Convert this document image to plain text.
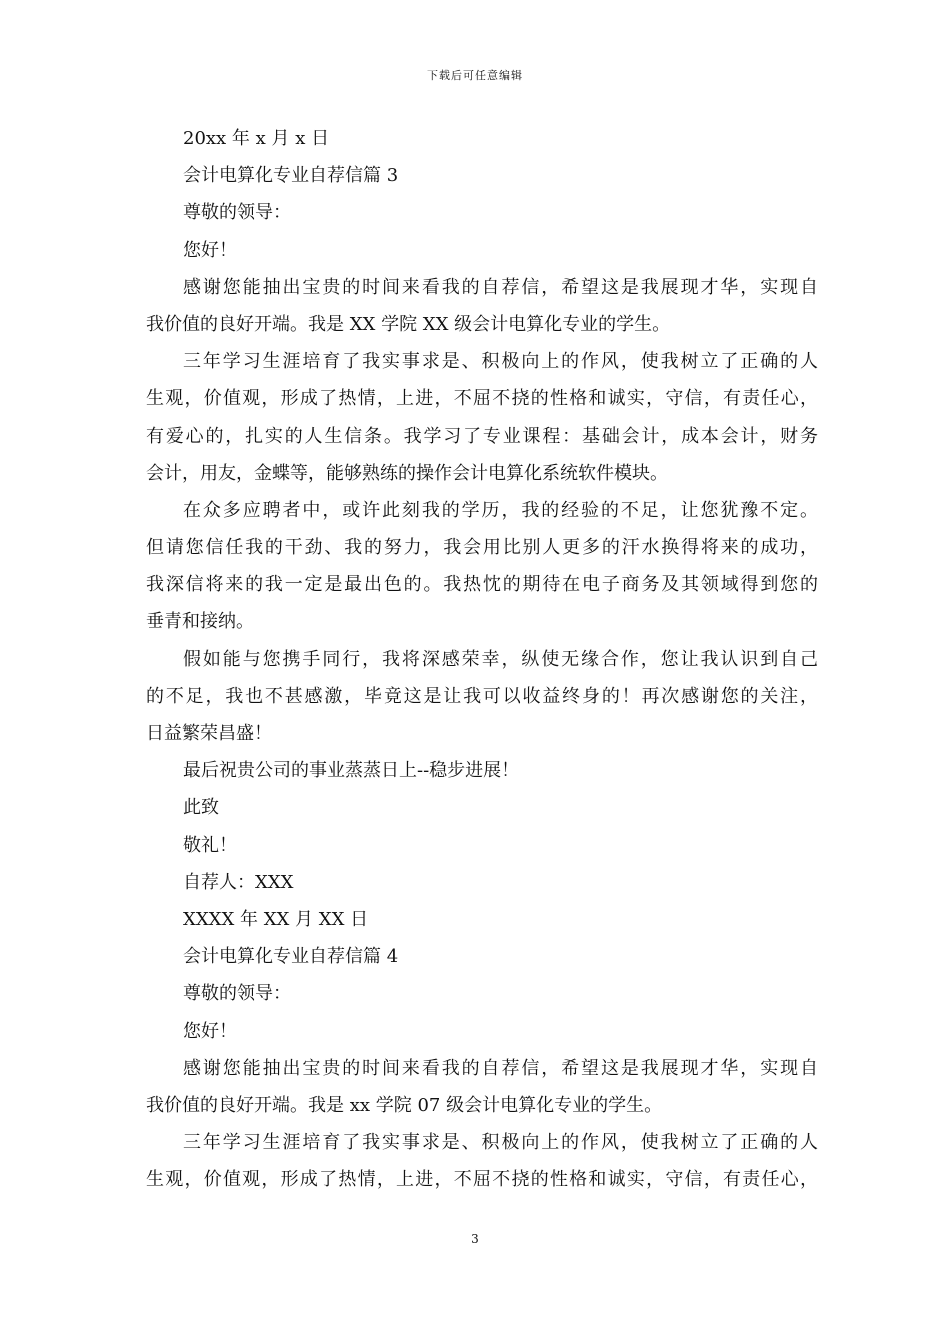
下载后可任意编辑
20xx 年 x 月 x 日
会计电算化专业自荐信篇 3
尊敬的领导：
您好！
感谢您能抽出宝贵的时间来看我的自荐信，希望这是我展现才华，实现自
我价值的良好开端。我是 XX 学院 XX 级会计电算化专业的学生。
三年学习生涯培育了我实事求是、积极向上的作风，使我树立了正确的人
生观，价值观，形成了热情，上进，不屈不挠的性格和诚实，守信，有责任心，
有爱心的，扎实的人生信条。我学习了专业课程：基础会计，成本会计，财务
会计，用友，金蝶等，能够熟练的操作会计电算化系统软件模块。
在众多应聘者中，或许此刻我的学历，我的经验的不足，让您犹豫不定。
但请您信任我的干劲、我的努力，我会用比别人更多的汗水换得将来的成功，
我深信将来的我一定是最出色的。我热忱的期待在电子商务及其领域得到您的
垂青和接纳。
假如能与您携手同行，我将深感荣幸，纵使无缘合作，您让我认识到自己
的不足，我也不甚感激，毕竟这是让我可以收益终身的！再次感谢您的关注，
日益繁荣昌盛！
最后祝贵公司的事业蒸蒸日上--稳步进展！
此致
敬礼！
自荐人：XXX
XXXX 年 XX 月 XX 日
会计电算化专业自荐信篇 4
尊敬的领导：
您好！
感谢您能抽出宝贵的时间来看我的自荐信，希望这是我展现才华，实现自
我价值的良好开端。我是 xx 学院 07 级会计电算化专业的学生。
三年学习生涯培育了我实事求是、积极向上的作风，使我树立了正确的人
生观，价值观，形成了热情，上进，不屈不挠的性格和诚实，守信，有责任心，
3
